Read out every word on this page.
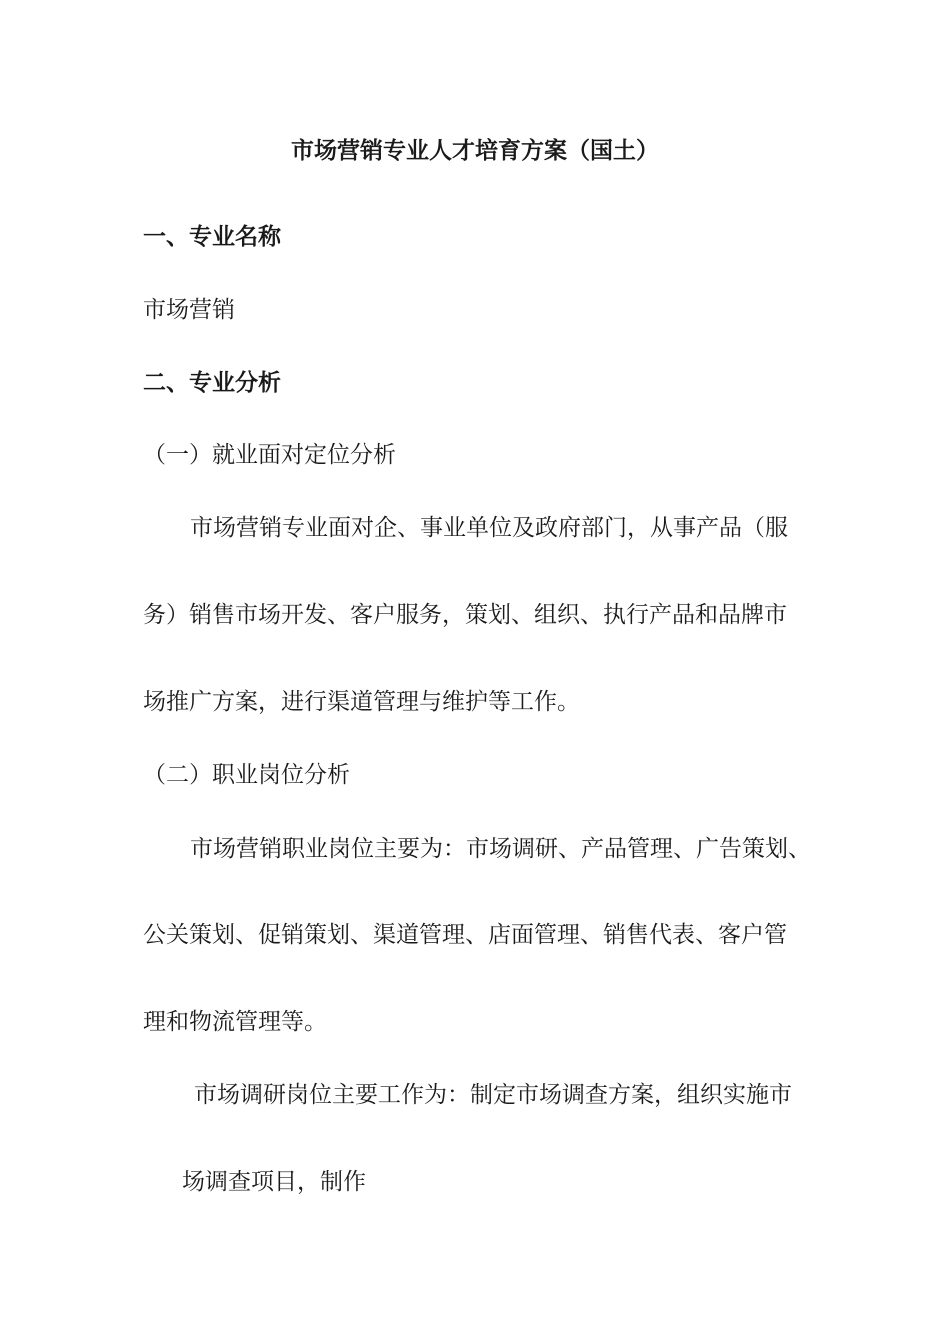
市场营销专业人才培育方案（国土）
一、专业名称
市场营销
二、专业分析
（一）就业面对定位分析
市场营销专业面对企、事业单位及政府部门，从事产品（服
务）销售市场开发、客户服务，策划、组织、执行产品和品牌市
场推广方案，进行渠道管理与维护等工作。
（二）职业岗位分析
市场营销职业岗位主要为：市场调研、产品管理、广告策划、
公关策划、促销策划、渠道管理、店面管理、销售代表、客户管
理和物流管理等。
市场调研岗位主要工作为：制定市场调查方案，组织实施市
场调查项目，制作
